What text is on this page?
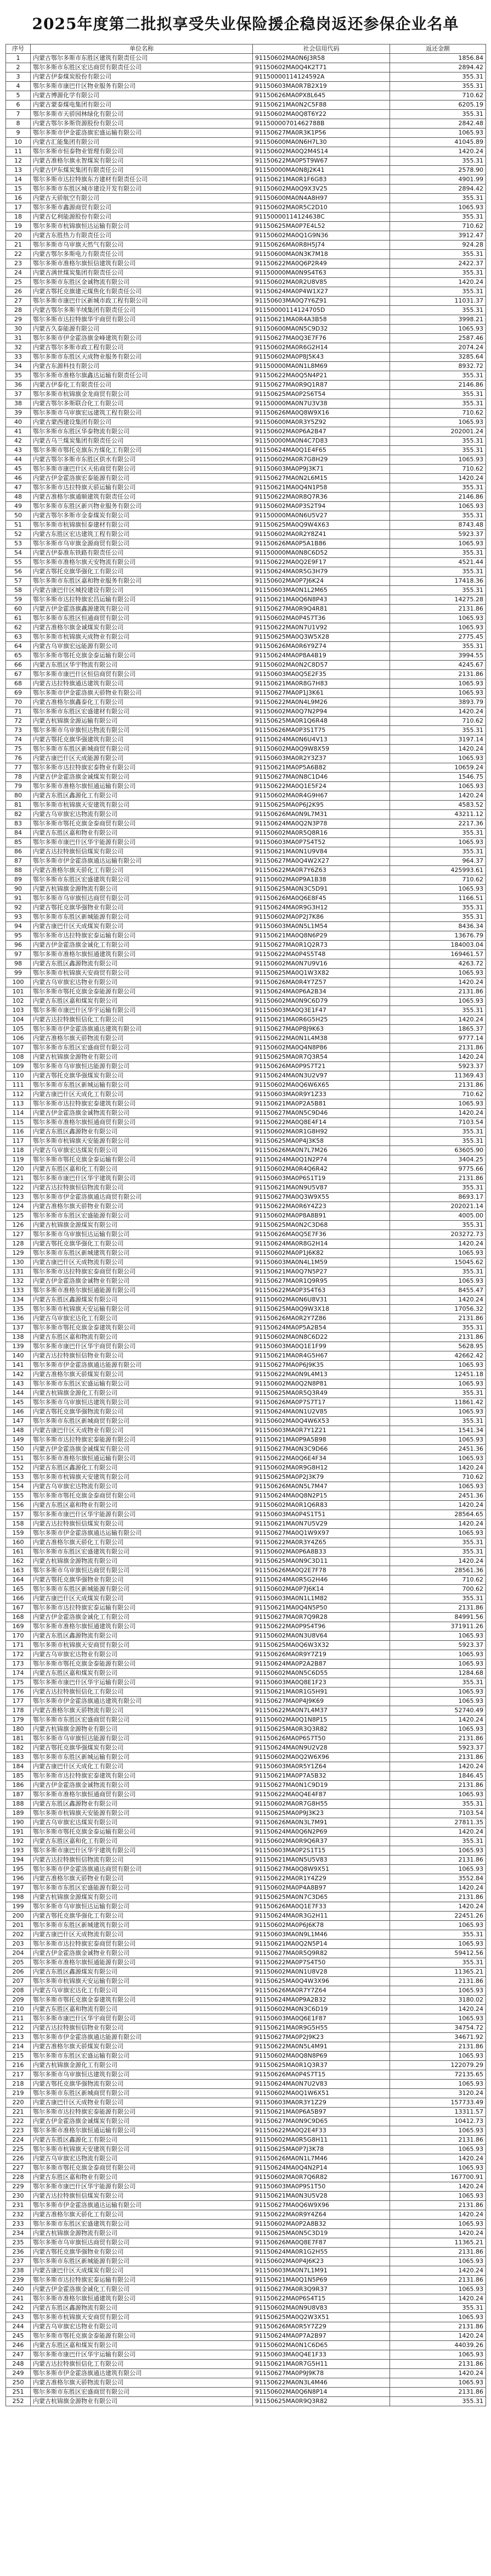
2025年度第二批拟享受失业保险援企稳岗返还参保企业名单
序号	单位名称	社会信用代码	返还金额
1	内蒙古鄂尔多斯市东胜区建筑有限责任公司	91150602MA0N6J3R58	1856.84
2	鄂尔多斯市东胜区宏达商贸有限责任公司	91150602MA0Q4K2T71	2894.42
3	内蒙古伊泰煤炭股份有限公司	91150000114124592A	355.31
4	鄂尔多斯市康巴什区物业服务有限公司	91150603MA0R7B2X19	355.31
5	内蒙古博源化学有限公司	91150626MA0PX8L645	710.62
6	内蒙古蒙泰煤电集团有限公司	91150621MA0N2C5F88	6205.19
7	鄂尔多斯市天骄园林绿化有限公司	91150602MA0Q8T6Y22	355.31
8	内蒙古鄂尔多斯资源股份有限公司	91150000701462788B	2842.48
9	鄂尔多斯市伊金霍洛旗宏盛运输有限公司	91150627MA0R3K1P56	1065.93
10	内蒙古汇能集团有限公司	91150600MA0N6H7L30	41045.89
11	鄂尔多斯市恒泰物业管理有限公司	91150602MA0Q2M4S14	1420.24
12	内蒙古准格尔旗永智煤炭有限公司	91150622MA0P5T9W67	355.31
13	内蒙古伊东煤炭集团有限责任公司	91150000MA0N8J2K41	2578.90
14	鄂尔多斯市达拉特旗东方建材有限责任公司	91150621MA0R1F6G83	4901.99
15	鄂尔多斯市东胜区城市建设开发有限公司	91150602MA0Q9X3V25	2894.42
16	内蒙古天骄航空有限公司	91150600MA0N4A8H97	355.31
17	鄂尔多斯市鑫源商贸有限公司	91150602MA0R5C2D10	1065.93
18	内蒙古亿利能源股份有限公司	91150000114124638C	355.31
19	鄂尔多斯市杭锦旗恒达运输有限公司	91150625MA0P7E4L52	710.62
20	内蒙古东胜热力有限责任公司	91150602MA0Q1G9N36	3912.47
21	鄂尔多斯市乌审旗天然气有限公司	91150626MA0R8H5J74	924.28
22	内蒙古鄂尔多斯电力有限责任公司	91150600MA0N3K7M18	355.31
23	鄂尔多斯市准格尔旗恒信建筑有限公司	91150622MA0Q6P2R49	2422.37
24	内蒙古满世煤炭集团有限责任公司	91150000MA0N9S4T63	355.31
25	鄂尔多斯市东胜区金诚物流有限公司	91150602MA0R2U8V85	1420.24
26	内蒙古鄂托克旗建元煤焦化有限责任公司	91150624MA0P4W1X27	355.31
27	鄂尔多斯市康巴什区新城市政工程有限公司	91150603MA0Q7Y6Z91	11031.37
28	内蒙古鄂尔多斯羊绒集团有限责任公司	91150000114124705D	355.31
29	鄂尔多斯市达拉特旗华宇商贸有限公司	91150621MA0R4A3B58	3998.21
30	内蒙古久泰能源有限公司	91150600MA0N5C9D32	1065.93
31	鄂尔多斯市伊金霍洛旗金峰建筑有限公司	91150627MA0Q3E7F76	2587.46
32	内蒙古鄂尔多斯市政工程有限公司	91150602MA0R6G2H14	2074.24
33	鄂尔多斯市东胜区天成物业服务有限公司	91150602MA0P8J5K43	3285.64
34	内蒙古东源科技有限公司	91150000MA0N1L8M69	8932.72
35	鄂尔多斯市准格尔旗鑫达运输有限责任公司	91150622MA0Q5N4P21	355.31
36	内蒙古伊泰化工有限责任公司	91150627MA0R9Q1R87	2146.86
37	鄂尔多斯市杭锦旗金龙商贸有限公司	91150625MA0P2S6T54	355.31
38	内蒙古鄂尔多斯联合化工有限公司	91150000MA0N7U3V38	355.31
39	鄂尔多斯市乌审旗宏远建筑工程有限公司	91150626MA0Q8W9X16	710.62
40	内蒙古蒙西建设集团有限公司	91150600MA0R3Y5Z92	1065.93
41	鄂尔多斯市东胜区华泰物流有限公司	91150602MA0P6A2B47	202001.24
42	内蒙古乌兰煤炭集团有限责任公司	91150000MA0N4C7D83	355.31
43	鄂尔多斯市鄂托克旗东方煤化工有限公司	91150624MA0Q1E4F65	355.31
44	内蒙古鄂尔多斯市东胜区供水有限公司	91150602MA0R7G8H29	1065.93
45	鄂尔多斯市康巴什区天佑商贸有限公司	91150603MA0P9J3K71	710.62
46	内蒙古伊金霍洛旗宏泰能源有限公司	91150627MA0N2L6M15	1420.24
47	鄂尔多斯市达拉特旗天骄运输有限公司	91150621MA0Q4N1P58	355.31
48	内蒙古准格尔旗通顺建筑有限责任公司	91150622MA0R8Q7R36	2146.86
49	鄂尔多斯市东胜区新兴物业服务有限公司	91150602MA0P3S2T94	1065.93
50	内蒙古鄂尔多斯市金泰煤炭有限公司	91150000MA0N6U5V27	355.31
51	鄂尔多斯市杭锦旗恒泰建材有限公司	91150625MA0Q9W4X63	8743.48
52	内蒙古东胜区宏达建筑工程有限公司	91150602MA0R2Y8Z41	5923.37
53	鄂尔多斯市乌审旗金源商贸有限公司	91150626MA0P5A1B86	1065.93
54	内蒙古伊泰准东铁路有限责任公司	91150000MA0N8C6D52	355.31
55	鄂尔多斯市准格尔旗天安物流有限公司	91150622MA0Q2E9F17	4521.44
56	内蒙古鄂托克旗华强化工有限公司	91150624MA0R5G3H79	355.31
57	鄂尔多斯市东胜区嘉和物业服务有限公司	91150602MA0P7J6K24	17418.36
58	内蒙古康巴什区城投建设有限公司	91150603MA0N1L2M65	355.31
59	鄂尔多斯市达拉特旗宏昌运输有限公司	91150621MA0Q6N8P43	14275.28
60	内蒙古伊金霍洛旗鑫源建筑有限公司	91150627MA0R9Q4R81	2131.86
61	鄂尔多斯市东胜区恒通商贸有限公司	91150602MA0P4S7T36	1065.93
62	内蒙古准格尔旗金诚煤炭有限公司	91150622MA0N7U1V92	1065.93
63	鄂尔多斯市杭锦旗天成物业有限公司	91150625MA0Q3W5X28	2775.45
64	内蒙古乌审旗宏远能源有限公司	91150626MA0R6Y9Z74	355.31
65	鄂尔多斯市鄂托克旗金泰运输有限公司	91150624MA0P8A4B19	3994.55
66	内蒙古东胜区华宇物流有限公司	91150602MA0N2C8D57	4245.67
67	鄂尔多斯市康巴什区恒信商贸有限公司	91150603MA0Q5E2F35	2131.86
68	内蒙古达拉特旗通达建筑有限公司	91150621MA0R8G7H83	1065.93
69	鄂尔多斯市伊金霍洛旗天骄物业有限公司	91150627MA0P1J3K61	1065.93
70	内蒙古准格尔旗鑫泰化工有限公司	91150622MA0N4L9M26	3893.79
71	鄂尔多斯市东胜区宏盛建材有限公司	91150602MA0Q7N2P94	1420.24
72	内蒙古杭锦旗金源运输有限公司	91150625MA0R1Q6R48	710.62
73	鄂尔多斯市乌审旗恒达物流有限公司	91150626MA0P3S1T75	355.31
74	内蒙古鄂托克旗华强建筑有限公司	91150624MA0N6U4V13	3197.14
75	鄂尔多斯市东胜区新城商贸有限公司	91150602MA0Q9W8X59	1420.24
76	内蒙古康巴什区天成能源有限公司	91150603MA0R2Y3Z37	1065.93
77	鄂尔多斯市达拉特旗宏泰物业有限公司	91150621MA0P5A6B82	10659.24
78	内蒙古伊金霍洛旗金诚煤炭有限公司	91150627MA0N8C1D46	1546.75
79	鄂尔多斯市准格尔旗恒通运输有限公司	91150622MA0Q1E5F24	1065.93
80	内蒙古东胜区鑫源化工有限公司	91150602MA0R4G9H67	1420.24
81	鄂尔多斯市杭锦旗天安建筑有限公司	91150625MA0P6J2K95	4583.52
82	内蒙古乌审旗宏达物流有限公司	91150626MA0N9L7M31	43211.12
83	鄂尔多斯市鄂托克旗金泰商贸有限公司	91150624MA0Q2N3P78	2217.36
84	内蒙古东胜区嘉和物业有限公司	91150602MA0R5Q8R16	355.31
85	鄂尔多斯市康巴什区华宇能源有限公司	91150603MA0P7S4T52	1065.93
86	内蒙古达拉特旗恒信煤炭有限公司	91150621MA0N1U9V84	355.31
87	鄂尔多斯市伊金霍洛旗通达运输有限公司	91150627MA0Q4W2X27	964.37
88	内蒙古准格尔旗天骄化工有限公司	91150622MA0R7Y6Z63	425993.61
89	鄂尔多斯市东胜区宏盛建筑有限公司	91150602MA0P9A1B38	710.62
90	内蒙古杭锦旗金源物流有限公司	91150625MA0N3C5D91	1065.93
91	鄂尔多斯市乌审旗恒达商贸有限公司	91150626MA0Q6E8F45	1166.51
92	内蒙古鄂托克旗华强物业有限公司	91150624MA0R9G3H12	355.31
93	鄂尔多斯市东胜区新城能源有限公司	91150602MA0P2J7K86	355.31
94	内蒙古康巴什区天成煤炭有限公司	91150603MA0N5L1M54	8436.34
95	鄂尔多斯市达拉特旗宏泰运输有限公司	91150621MA0Q8N6P29	13676.79
96	内蒙古伊金霍洛旗金诚化工有限公司	91150627MA0R1Q2R73	184003.04
97	鄂尔多斯市准格尔旗恒通建筑有限公司	91150622MA0P4S5T48	169461.57
98	内蒙古东胜区鑫源物流有限公司	91150602MA0N7U9V16	4263.72
99	鄂尔多斯市杭锦旗天安商贸有限公司	91150625MA0Q1W3X82	1065.93
100	内蒙古乌审旗宏达物业有限公司	91150626MA0R4Y7Z57	1420.24
101	鄂尔多斯市鄂托克旗金泰能源有限公司	91150624MA0P6A2B34	2131.86
102	内蒙古东胜区嘉和煤炭有限公司	91150602MA0N9C6D79	1065.93
103	鄂尔多斯市康巴什区华宇运输有限公司	91150603MA0Q3E1F47	355.31
104	内蒙古达拉特旗恒信化工有限公司	91150621MA0R6G5H25	1420.24
105	鄂尔多斯市伊金霍洛旗通达建筑有限公司	91150627MA0P8J9K63	1865.37
106	内蒙古准格尔旗天骄物流有限公司	91150622MA0N1L4M38	9777.14
107	鄂尔多斯市东胜区宏盛商贸有限公司	91150602MA0Q4N8P86	2131.86
108	内蒙古杭锦旗金源物业有限公司	91150625MA0R7Q3R54	1420.24
109	鄂尔多斯市乌审旗恒达能源有限公司	91150626MA0P9S7T21	5923.37
110	内蒙古鄂托克旗华强煤炭有限公司	91150624MA0N3U2V97	11369.43
111	鄂尔多斯市东胜区新城运输有限公司	91150602MA0Q6W6X65	2131.86
112	内蒙古康巴什区天成化工有限公司	91150603MA0R9Y1Z33	710.62
113	鄂尔多斯市达拉特旗宏泰建筑有限公司	91150621MA0P2A5B81	1065.93
114	内蒙古伊金霍洛旗金诚物流有限公司	91150627MA0N5C9D46	1420.24
115	鄂尔多斯市准格尔旗恒通商贸有限公司	91150622MA0Q8E4F14	7103.54
116	内蒙古东胜区鑫源物业有限公司	91150602MA0R1G8H92	355.31
117	鄂尔多斯市杭锦旗天安能源有限公司	91150625MA0P4J3K58	355.31
118	内蒙古乌审旗宏达煤炭有限公司	91150626MA0N7L7M26	63605.90
119	鄂尔多斯市鄂托克旗金泰运输有限公司	91150624MA0Q1N2P74	3404.25
120	内蒙古东胜区嘉和化工有限公司	91150602MA0R4Q6R42	9775.66
121	鄂尔多斯市康巴什区华宇建筑有限公司	91150603MA0P6S1T19	2131.86
122	内蒙古达拉特旗恒信物流有限公司	91150621MA0N9U5V87	355.31
123	鄂尔多斯市伊金霍洛旗通达商贸有限公司	91150627MA0Q3W9X55	8693.17
124	内蒙古准格尔旗天骄物业有限公司	91150622MA0R6Y4Z23	202021.14
125	鄂尔多斯市东胜区宏盛能源有限公司	91150602MA0P8A8B91	4005.00
126	内蒙古杭锦旗金源煤炭有限公司	91150625MA0N2C3D68	355.31
127	鄂尔多斯市乌审旗恒达运输有限公司	91150626MA0Q5E7F36	203272.73
128	内蒙古鄂托克旗华强化工有限公司	91150624MA0R8G2H14	1420.24
129	鄂尔多斯市东胜区新城建筑有限公司	91150602MA0P1J6K82	1065.93
130	内蒙古康巴什区天成物流有限公司	91150603MA0N4L1M59	15045.62
131	鄂尔多斯市达拉特旗宏泰商贸有限公司	91150621MA0Q7N5P27	355.31
132	内蒙古伊金霍洛旗金诚物业有限公司	91150627MA0R1Q9R95	1065.93
133	鄂尔多斯市准格尔旗恒通能源有限公司	91150622MA0P3S4T63	8455.47
134	内蒙古东胜区鑫源煤炭有限公司	91150602MA0N6U8V31	1420.24
135	鄂尔多斯市杭锦旗天安运输有限公司	91150625MA0Q9W3X18	17056.32
136	内蒙古乌审旗宏达化工有限公司	91150626MA0R2Y7Z86	2131.86
137	鄂尔多斯市鄂托克旗金泰建筑有限公司	91150624MA0P5A2B54	355.31
138	内蒙古东胜区嘉和物流有限公司	91150602MA0N8C6D22	2131.86
139	鄂尔多斯市康巴什区华宇商贸有限公司	91150603MA0Q1E1F99	5628.95
140	内蒙古达拉特旗恒信物业有限公司	91150621MA0R4G5H67	42662.42
141	鄂尔多斯市伊金霍洛旗通达能源有限公司	91150627MA0P6J9K35	1065.93
142	内蒙古准格尔旗天骄煤炭有限公司	91150622MA0N9L4M13	12451.18
143	鄂尔多斯市东胜区宏盛运输有限公司	91150602MA0Q2N8P81	1065.93
144	内蒙古杭锦旗金源化工有限公司	91150625MA0R5Q3R49	355.31
145	鄂尔多斯市乌审旗恒达建筑有限公司	91150626MA0P7S7T17	11861.42
146	内蒙古鄂托克旗华强物流有限公司	91150624MA0N1U2V85	1065.93
147	鄂尔多斯市东胜区新城商贸有限公司	91150602MA0Q4W6X53	355.31
148	内蒙古康巴什区天成物业有限公司	91150603MA0R7Y1Z21	1541.34
149	鄂尔多斯市达拉特旗宏泰能源有限公司	91150621MA0P9A5B98	1065.93
150	内蒙古伊金霍洛旗金诚煤炭有限公司	91150627MA0N3C9D66	2451.36
151	鄂尔多斯市准格尔旗恒通运输有限公司	91150622MA0Q6E4F34	1065.93
152	内蒙古东胜区鑫源化工有限公司	91150602MA0R9G8H12	1420.24
153	鄂尔多斯市杭锦旗天安建筑有限公司	91150625MA0P2J3K79	710.62
154	内蒙古乌审旗宏达物流有限公司	91150626MA0N5L7M47	1065.93
155	鄂尔多斯市鄂托克旗金泰商贸有限公司	91150624MA0Q8N2P15	2451.36
156	内蒙古东胜区嘉和物业有限公司	91150602MA0R1Q6R83	1420.24
157	鄂尔多斯市康巴什区华宇能源有限公司	91150603MA0P4S1T51	28564.65
158	内蒙古达拉特旗恒信煤炭有限公司	91150621MA0N7U5V29	1420.24
159	鄂尔多斯市伊金霍洛旗通达运输有限公司	91150627MA0Q1W9X97	1065.93
160	内蒙古准格尔旗天骄化工有限公司	91150622MA0R3Y4Z65	355.31
161	鄂尔多斯市东胜区宏盛建筑有限公司	91150602MA0P6A8B33	355.31
162	内蒙古杭锦旗金源物流有限公司	91150625MA0N9C3D11	1420.24
163	鄂尔多斯市乌审旗恒达商贸有限公司	91150626MA0Q2E7F78	28561.36
164	内蒙古鄂托克旗华强物业有限公司	91150624MA0R5G2H46	710.62
165	鄂尔多斯市东胜区新城能源有限公司	91150602MA0P7J6K14	700.62
166	内蒙古康巴什区天成煤炭有限公司	91150603MA0N1L1M82	355.31
167	鄂尔多斯市达拉特旗宏泰运输有限公司	91150621MA0Q4N5P50	2131.86
168	内蒙古伊金霍洛旗金诚化工有限公司	91150627MA0R7Q9R28	84991.56
169	鄂尔多斯市准格尔旗恒通建筑有限公司	91150622MA0P9S4T96	371911.26
170	内蒙古东胜区鑫源物流有限公司	91150602MA0N3U8V64	1065.93
171	鄂尔多斯市杭锦旗天安商贸有限公司	91150625MA0Q6W3X32	5923.37
172	内蒙古乌审旗宏达物业有限公司	91150626MA0R9Y7Z19	1065.93
173	鄂尔多斯市鄂托克旗金泰能源有限公司	91150624MA0P2A2B87	1065.93
174	内蒙古东胜区嘉和煤炭有限公司	91150602MA0N5C6D55	1284.68
175	鄂尔多斯市康巴什区华宇运输有限公司	91150603MA0Q8E1F23	355.31
176	内蒙古达拉特旗恒信化工有限公司	91150621MA0R1G5H91	1065.93
177	鄂尔多斯市伊金霍洛旗通达建筑有限公司	91150627MA0P4J9K69	1065.93
178	内蒙古准格尔旗天骄物流有限公司	91150622MA0N7L4M37	52740.49
179	鄂尔多斯市东胜区宏盛商贸有限公司	91150602MA0Q1N8P15	1420.24
180	内蒙古杭锦旗金源物业有限公司	91150625MA0R3Q3R82	1065.93
181	鄂尔多斯市乌审旗恒达能源有限公司	91150626MA0P6S7T50	2131.86
182	内蒙古鄂托克旗华强煤炭有限公司	91150624MA0N9U2V28	5923.37
183	鄂尔多斯市东胜区新城运输有限公司	91150602MA0Q2W6X96	2131.86
184	内蒙古康巴什区天成化工有限公司	91150603MA0R5Y1Z64	1420.24
185	鄂尔多斯市达拉特旗宏泰建筑有限公司	91150621MA0P7A5B32	1846.45
186	内蒙古伊金霍洛旗金诚物流有限公司	91150627MA0N1C9D19	2131.86
187	鄂尔多斯市准格尔旗恒通商贸有限公司	91150622MA0Q4E4F87	1065.93
188	内蒙古东胜区鑫源物业有限公司	91150602MA0R7G8H55	355.31
189	鄂尔多斯市杭锦旗天安能源有限公司	91150625MA0P9J3K23	7103.54
190	内蒙古乌审旗宏达煤炭有限公司	91150626MA0N3L7M91	27811.35
191	鄂尔多斯市鄂托克旗金泰运输有限公司	91150624MA0Q6N2P69	1420.24
192	内蒙古东胜区嘉和化工有限公司	91150602MA0R9Q6R37	355.31
193	鄂尔多斯市康巴什区华宇建筑有限公司	91150603MA0P2S1T15	1065.93
194	内蒙古达拉特旗恒信物流有限公司	91150621MA0N5U5V83	2131.86
195	鄂尔多斯市伊金霍洛旗通达商贸有限公司	91150627MA0Q8W9X51	1065.93
196	内蒙古准格尔旗天骄物业有限公司	91150622MA0R1Y4Z29	3552.84
197	鄂尔多斯市东胜区宏盛能源有限公司	91150602MA0P4A8B97	1420.24
198	内蒙古杭锦旗金源煤炭有限公司	91150625MA0N7C3D65	2131.86
199	鄂尔多斯市乌审旗恒达运输有限公司	91150626MA0Q1E7F33	1420.24
200	内蒙古鄂托克旗华强化工有限公司	91150624MA0R3G2H11	22451.26
201	鄂尔多斯市东胜区新城建筑有限公司	91150602MA0P6J6K78	1065.93
202	内蒙古康巴什区天成物流有限公司	91150603MA0N9L1M46	355.31
203	鄂尔多斯市达拉特旗宏泰商贸有限公司	91150621MA0Q2N5P14	1065.93
204	内蒙古伊金霍洛旗金诚物业有限公司	91150627MA0R5Q9R82	59412.56
205	鄂尔多斯市准格尔旗恒通能源有限公司	91150622MA0P7S4T50	355.31
206	内蒙古东胜区鑫源煤炭有限公司	91150602MA0N1U8V28	11365.21
207	鄂尔多斯市杭锦旗天安运输有限公司	91150625MA0Q4W3X96	2131.86
208	内蒙古乌审旗宏达化工有限公司	91150626MA0R7Y7Z64	1065.93
209	鄂尔多斯市鄂托克旗金泰建筑有限公司	91150624MA0P9A2B32	3180.02
210	内蒙古东胜区嘉和物流有限公司	91150602MA0N3C6D19	1420.24
211	鄂尔多斯市康巴什区华宇商贸有限公司	91150603MA0Q6E1F87	1065.93
212	内蒙古达拉特旗恒信物业有限公司	91150621MA0R9G5H55	34754.72
213	鄂尔多斯市伊金霍洛旗通达能源有限公司	91150627MA0P2J9K23	34671.92
214	内蒙古准格尔旗天骄煤炭有限公司	91150622MA0N5L4M91	2131.86
215	鄂尔多斯市东胜区宏盛运输有限公司	91150602MA0Q8N8P69	1065.93
216	内蒙古杭锦旗金源化工有限公司	91150625MA0R1Q3R37	122079.29
217	鄂尔多斯市乌审旗恒达建筑有限公司	91150626MA0P4S7T15	72135.65
218	内蒙古鄂托克旗华强物流有限公司	91150624MA0N7U2V83	1065.93
219	鄂尔多斯市东胜区新城商贸有限公司	91150602MA0Q1W6X51	3120.24
220	内蒙古康巴什区天成物业有限公司	91150603MA0R3Y1Z29	157733.49
221	鄂尔多斯市达拉特旗宏泰能源有限公司	91150621MA0P6A5B97	13311.57
222	内蒙古伊金霍洛旗金诚煤炭有限公司	91150627MA0N9C9D65	10412.73
223	鄂尔多斯市准格尔旗恒通运输有限公司	91150622MA0Q2E4F33	1065.93
224	内蒙古东胜区鑫源化工有限公司	91150602MA0R5G8H11	2131.86
225	鄂尔多斯市杭锦旗天安建筑有限公司	91150625MA0P7J3K78	1065.93
226	内蒙古乌审旗宏达物流有限公司	91150626MA0N1L7M46	1420.24
227	鄂尔多斯市鄂托克旗金泰商贸有限公司	91150624MA0Q4N2P14	1065.93
228	内蒙古东胜区嘉和物业有限公司	91150602MA0R7Q6R82	167700.91
229	鄂尔多斯市康巴什区华宇能源有限公司	91150603MA0P9S1T50	1420.24
230	内蒙古达拉特旗恒信煤炭有限公司	91150621MA0N3U5V28	1065.93
231	鄂尔多斯市伊金霍洛旗通达运输有限公司	91150627MA0Q6W9X96	2131.86
232	内蒙古准格尔旗天骄化工有限公司	91150622MA0R9Y4Z64	1420.24
233	鄂尔多斯市东胜区宏盛建筑有限公司	91150602MA0P2A8B32	1065.93
234	内蒙古杭锦旗金源物流有限公司	91150625MA0N5C3D19	1420.24
235	鄂尔多斯市乌审旗恒达商贸有限公司	91150626MA0Q8E7F87	11365.21
236	内蒙古鄂托克旗华强物业有限公司	91150624MA0R1G2H55	2131.86
237	鄂尔多斯市东胜区新城能源有限公司	91150602MA0P4J6K23	1065.93
238	内蒙古康巴什区天成煤炭有限公司	91150603MA0N7L1M91	1420.24
239	鄂尔多斯市达拉特旗宏泰运输有限公司	91150621MA0Q1N5P69	2131.86
240	内蒙古伊金霍洛旗金诚化工有限公司	91150627MA0R3Q9R37	1065.93
241	鄂尔多斯市准格尔旗恒通建筑有限公司	91150622MA0P6S4T15	1420.24
242	内蒙古东胜区鑫源物流有限公司	91150602MA0N9U8V83	355.31
243	鄂尔多斯市杭锦旗天安商贸有限公司	91150625MA0Q2W3X51	1065.93
244	内蒙古乌审旗宏达物业有限公司	91150626MA0R5Y7Z29	2131.86
245	鄂尔多斯市鄂托克旗金泰能源有限公司	91150624MA0P7A2B97	1420.24
246	内蒙古东胜区嘉和煤炭有限公司	91150602MA0N1C6D65	44039.26
247	鄂尔多斯市康巴什区华宇运输有限公司	91150603MA0Q4E1F33	1065.93
248	内蒙古达拉特旗恒信化工有限公司	91150621MA0R7G5H11	2131.86
249	鄂尔多斯市伊金霍洛旗通达建筑有限公司	91150627MA0P9J9K78	1420.24
250	内蒙古准格尔旗天骄物流有限公司	91150622MA0N3L4M46	1065.93
251	鄂尔多斯市东胜区宏盛商贸有限公司	91150602MA0Q6N8P14	2131.86
252	内蒙古杭锦旗金源物业有限公司	91150625MA0R9Q3R82	355.31
